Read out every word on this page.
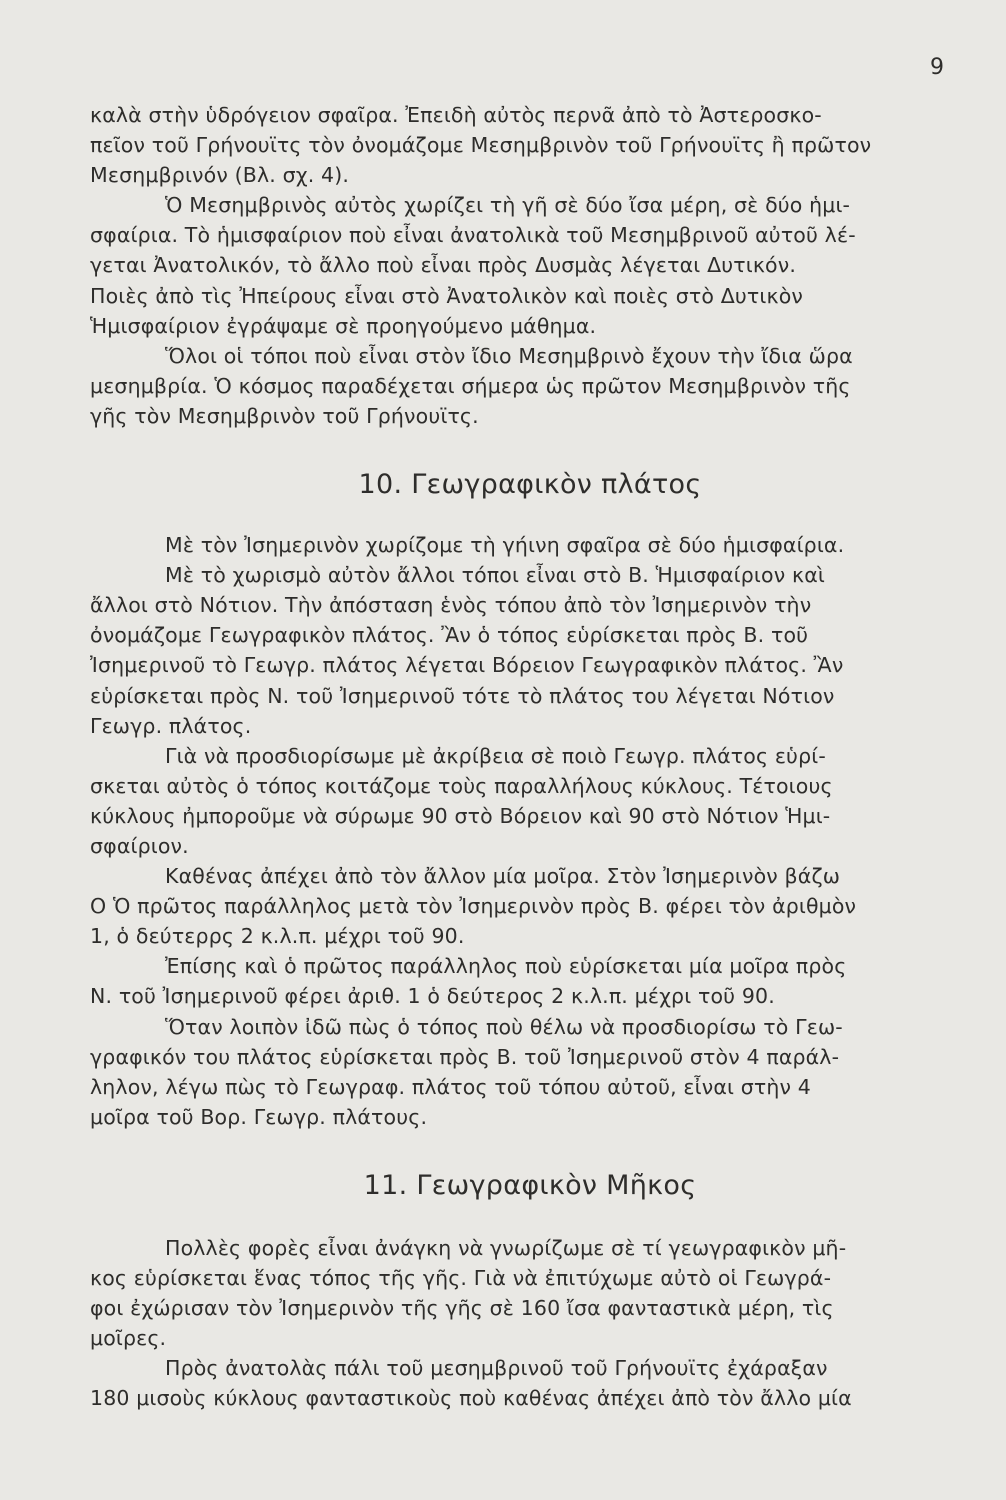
9
καλὰ στὴν ὑδρόγειον σφαῖρα. Ἐπειδὴ αὐτὸς περνᾶ ἀπὸ τὸ Ἀστεροσκο-
πεῖον τοῦ Γρήνουϊτς τὸν ὀνομάζομε Μεσημβρινὸν τοῦ Γρήνουϊτς ἢ πρῶτον
Μεσημβρινόν (Βλ. σχ. 4).
Ὁ Μεσημβρινὸς αὐτὸς χωρίζει τὴ γῆ σὲ δύο ἴσα μέρη, σὲ δύο ἡμι-
σφαίρια. Τὸ ἡμισφαίριον ποὺ εἶναι ἀνατολικὰ τοῦ Μεσημβρινοῦ αὐτοῦ λέ-
γεται Ἀνατολικόν, τὸ ἄλλο ποὺ εἶναι πρὸς Δυσμὰς λέγεται Δυτικόν.
Ποιὲς ἀπὸ τὶς Ἠπείρους εἶναι στὸ Ἀνατολικὸν καὶ ποιὲς στὸ Δυτικὸν
Ἡμισφαίριον ἐγράψαμε σὲ προηγούμενο μάθημα.
Ὅλοι οἱ τόποι ποὺ εἶναι στὸν ἴδιο Μεσημβρινὸ ἔχουν τὴν ἴδια ὥρα
μεσημβρία. Ὁ κόσμος παραδέχεται σήμερα ὡς πρῶτον Μεσημβρινὸν τῆς
γῆς τὸν Μεσημβρινὸν τοῦ Γρήνουϊτς.
10. Γεωγραφικὸν πλάτος
Μὲ τὸν Ἰσημερινὸν χωρίζομε τὴ γήινη σφαῖρα σὲ δύο ἡμισφαίρια.
Μὲ τὸ χωρισμὸ αὐτὸν ἄλλοι τόποι εἶναι στὸ Β. Ἡμισφαίριον καὶ
ἄλλοι στὸ Νότιον. Τὴν ἀπόσταση ἑνὸς τόπου ἀπὸ τὸν Ἰσημερινὸν τὴν
ὀνομάζομε Γεωγραφικὸν πλάτος. Ἂν ὁ τόπος εὑρίσκεται πρὸς Β. τοῦ
Ἰσημερινοῦ τὸ Γεωγρ. πλάτος λέγεται Βόρειον Γεωγραφικὸν πλάτος. Ἂν
εὑρίσκεται πρὸς Ν. τοῦ Ἰσημερινοῦ τότε τὸ πλάτος του λέγεται Νότιον
Γεωγρ. πλάτος.
Γιὰ νὰ προσδιορίσωμε μὲ ἀκρίβεια σὲ ποιὸ Γεωγρ. πλάτος εὑρί-
σκεται αὐτὸς ὁ τόπος κοιτάζομε τοὺς παραλλήλους κύκλους. Τέτοιους
κύκλους ἠμποροῦμε νὰ σύρωμε 90 στὸ Βόρειον καὶ 90 στὸ Νότιον Ἡμι-
σφαίριον.
Καθένας ἀπέχει ἀπὸ τὸν ἄλλον μία μοῖρα. Στὸν Ἰσημερινὸν βάζω
Ο Ὁ πρῶτος παράλληλος μετὰ τὸν Ἰσημερινὸν πρὸς Β. φέρει τὸν ἀριθμὸν
1, ὁ δεύτερρς 2 κ.λ.π. μέχρι τοῦ 90.
Ἐπίσης καὶ ὁ πρῶτος παράλληλος ποὺ εὑρίσκεται μία μοῖρα πρὸς
Ν. τοῦ Ἰσημερινοῦ φέρει ἀριθ. 1 ὁ δεύτερος 2 κ.λ.π. μέχρι τοῦ 90.
Ὅταν λοιπὸν ἰδῶ πὼς ὁ τόπος ποὺ θέλω νὰ προσδιορίσω τὸ Γεω-
γραφικόν του πλάτος εὑρίσκεται πρὸς Β. τοῦ Ἰσημερινοῦ στὸν 4 παράλ-
ληλον, λέγω πὼς τὸ Γεωγραφ. πλάτος τοῦ τόπου αὐτοῦ, εἶναι στὴν 4
μοῖρα τοῦ Βορ. Γεωγρ. πλάτους.
11. Γεωγραφικὸν Μῆκος
Πολλὲς φορὲς εἶναι ἀνάγκη νὰ γνωρίζωμε σὲ τί γεωγραφικὸν μῆ-
κος εὑρίσκεται ἕνας τόπος τῆς γῆς. Γιὰ νὰ ἐπιτύχωμε αὐτὸ οἱ Γεωγρά-
φοι ἐχώρισαν τὸν Ἰσημερινὸν τῆς γῆς σὲ 160 ἴσα φανταστικὰ μέρη, τὶς
μοῖρες.
Πρὸς ἀνατολὰς πάλι τοῦ μεσημβρινοῦ τοῦ Γρήνουϊτς ἐχάραξαν
180 μισοὺς κύκλους φανταστικοὺς ποὺ καθένας ἀπέχει ἀπὸ τὸν ἄλλο μία
